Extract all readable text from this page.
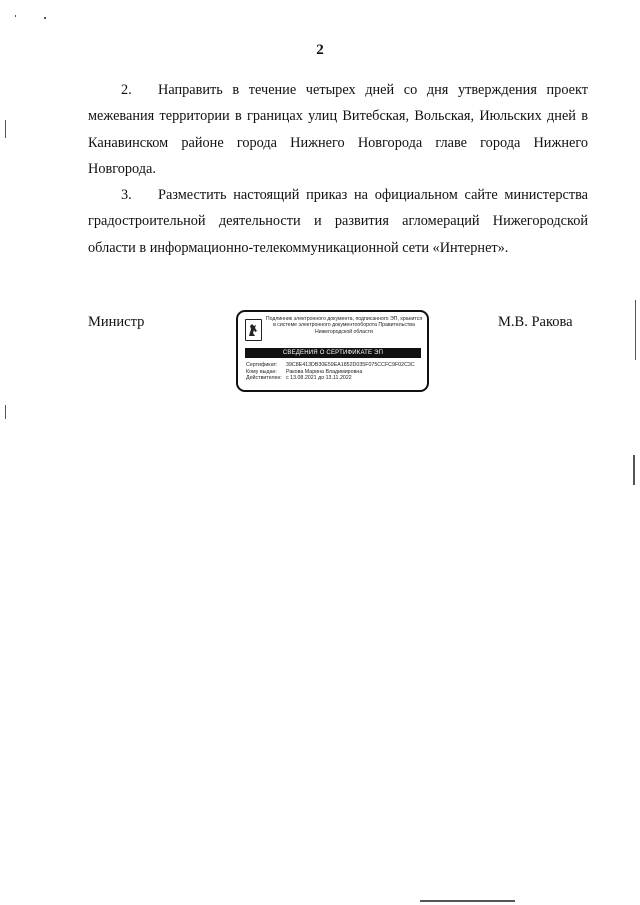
2

2. Направить в течение четырех дней со дня утверждения проект межевания территории в границах улиц Витебская, Вольская, Июльских дней в Канавинском районе города Нижнего Новгорода главе города Нижнего Новгорода.

3. Разместить настоящий приказ на официальном сайте министерства градостроительной деятельности и развития агломераций Нижегородской области в информационно-телекоммуникационной сети «Интернет».

Министр	Подлинник электронного документа, подписанного ЭП, хранится в системе электронного документооборота Правительства Нижегородской области
СВЕДЕНИЯ О СЕРТИФИКАТЕ ЭП
Сертификат: 39C8E413DB30E59EA1852D035F075CCFC9F02C3C
Кому выдан: Ракова Марина Владимировна
Действителен: с 13.08.2021 до 13.11.2022
М.В. Ракова
